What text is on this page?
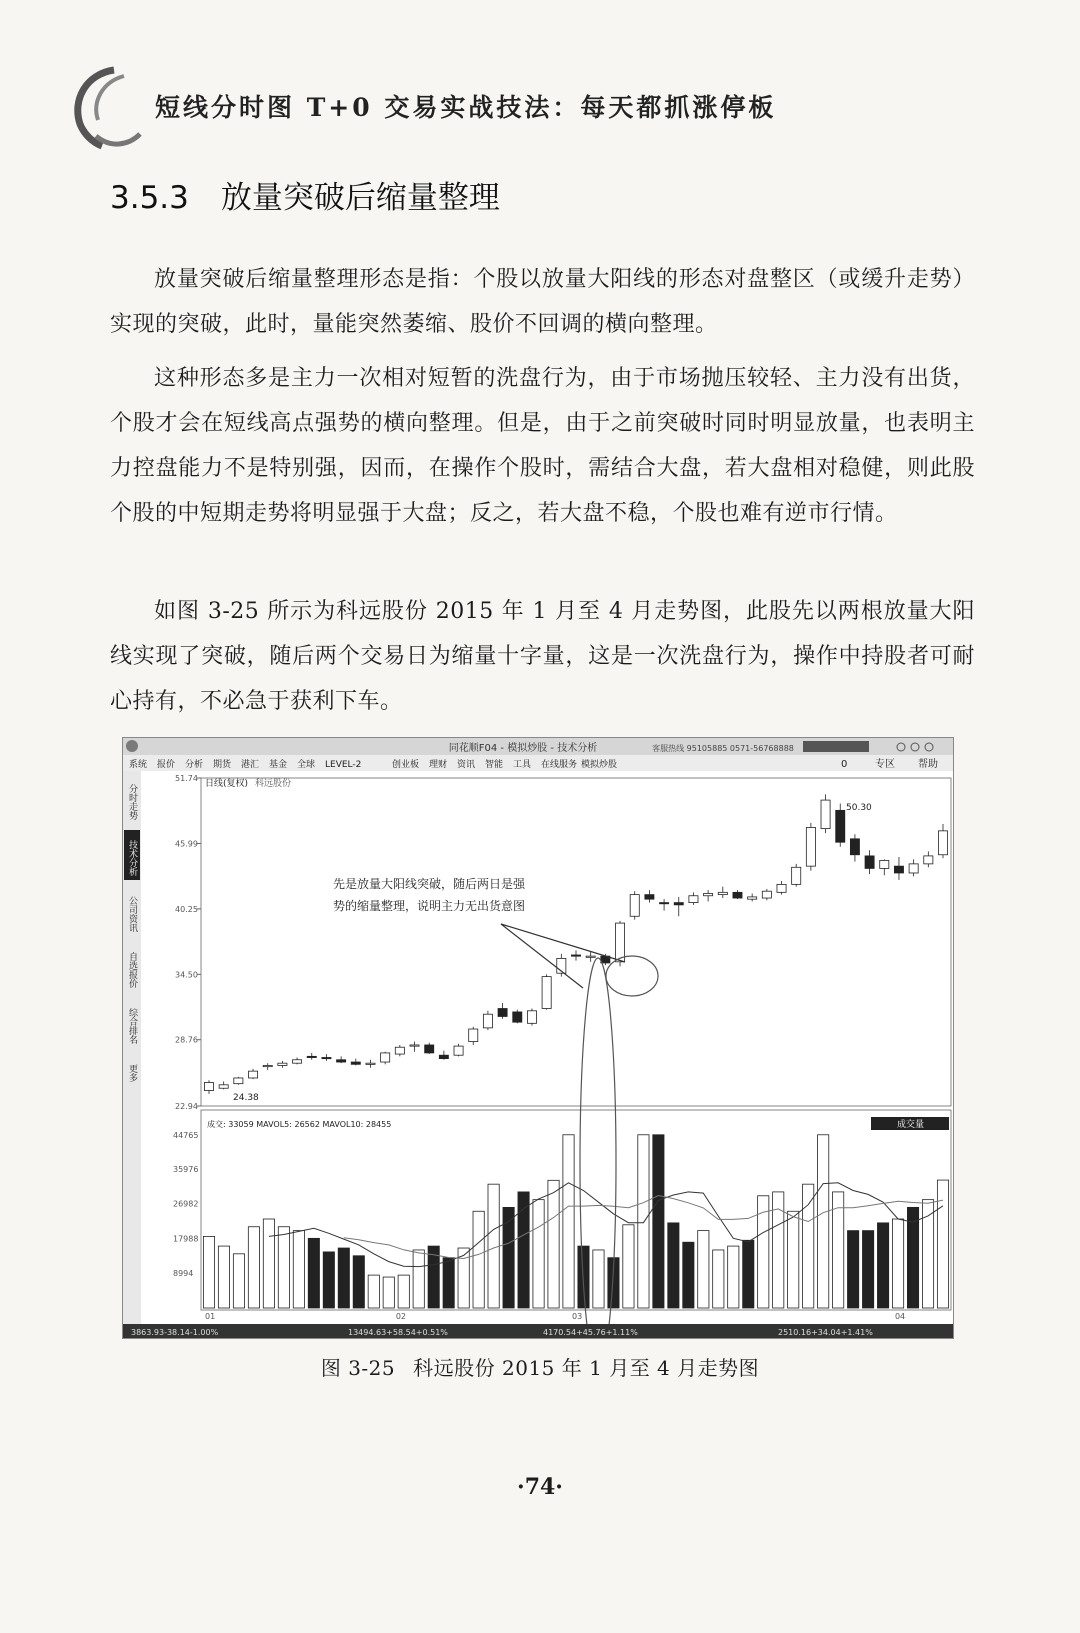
短线分时图 T+0 交易实战技法：每天都抓涨停板
3.5.3 放量突破后缩量整理
放量突破后缩量整理形态是指：个股以放量大阳线的形态对盘整区（或缓升走势）实现的突破，此时，量能突然萎缩、股价不回调的横向整理。
这种形态多是主力一次相对短暂的洗盘行为，由于市场抛压较轻、主力没有出货，个股才会在短线高点强势的横向整理。但是，由于之前突破时同时明显放量，也表明主力控盘能力不是特别强，因而，在操作个股时，需结合大盘，若大盘相对稳健，则此股个股的中短期走势将明显强于大盘；反之，若大盘不稳，个股也难有逆市行情。
如图 3-25 所示为科远股份 2015 年 1 月至 4 月走势图，此股先以两根放量大阳线实现了突破，随后两个交易日为缩量十字量，这是一次洗盘行为，操作中持股者可耐心持有，不必急于获利下车。
同花顺F04 - 模拟炒股 - 技术分析	客服热线 95105885 0571-56768888
系统 报价 分析 期货 港汇 基金 全球 LEVEL-2	创业板 理财 资讯 智能 工具 在线服务 模拟炒股	0	专区 帮助
分时走势
技术分析
公司资讯
自选报价
综合排名
更多
日线(复权) 科远股份
成交: 33059 MAVOL5: 26562 MAVOL10: 28455	成交量
51.74
45.99
40.25
34.50
28.76
22.94
44765
35976
26982
17988
8994
01	02	03	04
先是放量大阳线突破，随后两日是强
势的缩量整理，说明主力无出货意图
24.38
50.30
3863.93-38.14-1.00%	13494.63+58.54+0.51%	4170.54+45.76+1.11%	2510.16+34.04+1.41%
图 3-25 科远股份 2015 年 1 月至 4 月走势图
·74·
